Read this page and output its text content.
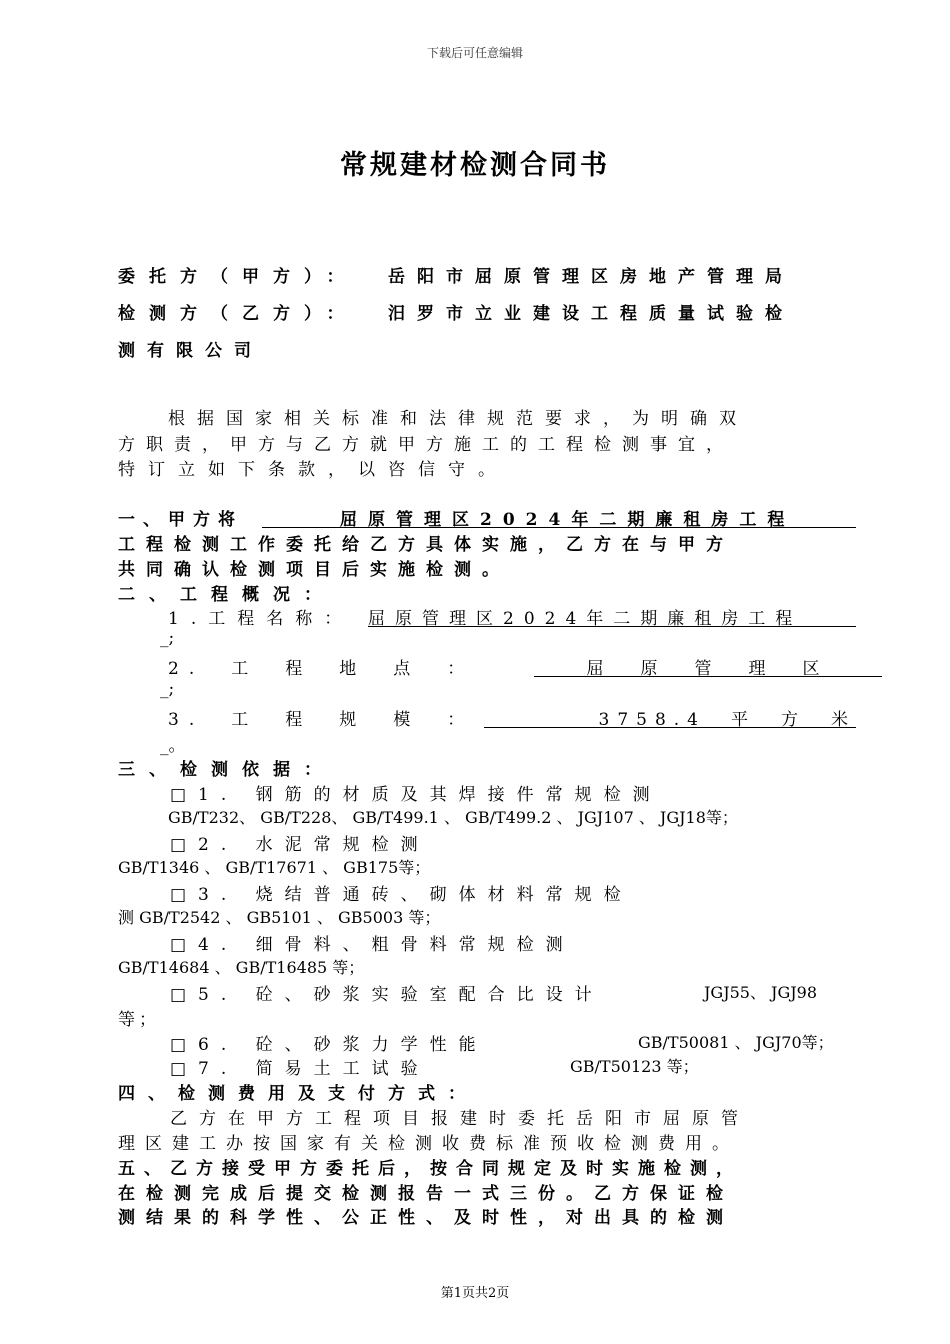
下载后可任意编辑
常规建材检测合同书
委托方（甲方）： 岳阳市屈原管理区房地产管理局
检测方（乙方）： 汨罗市立业建设工程质量试验检
测有限公司
根据国家相关标准和法律规范要求，为明确双
方职责，甲方与乙方就甲方施工的工程检测事宜，
特订立如下条款，以咨信守。
一、甲方将	屈原管理区2024年二期廉租房工程
工程检测工作委托给乙方具体实施，乙方在与甲方
共同确认检测项目后实施检测。
二、工程概况：
1.工程名称： 屈原管理区2024年二期廉租房工程
_;
2.　工　程　地　点　：	屈　原　管　理　区
_;
3.　工　程　规　模　：	3758.4　平　方　米
_。
三、检测依据：
□1. 钢筋的材质及其焊接件常规检测
GB/T232、 GB/T228、 GB/T499.1 、 GB/T499.2 、 JGJ107 、 JGJ18等；
□2. 水泥常规检测
GB/T1346 、 GB/T17671 、 GB175等；
□3. 烧结普通砖、砌体材料常规检
测 GB/T2542 、 GB5101 、 GB5003 等；
□4. 细骨料、粗骨料常规检测
GB/T14684 、 GB/T16485 等；
□5. 砼、砂浆实验室配合比设计	JGJ55、 JGJ98
等；
□6. 砼、砂浆力学性能	GB/T50081 、 JGJ70等；
□7. 简易土工试验	GB/T50123 等；
四、检测费用及支付方式：
乙方在甲方工程项目报建时委托岳阳市屈原管
理区建工办按国家有关检测收费标准预收检测费用。
五、乙方接受甲方委托后，按合同规定及时实施检测，
在检测完成后提交检测报告一式三份。乙方保证检
测结果的科学性、公正性、及时性，对出具的检测
第1页共2页
